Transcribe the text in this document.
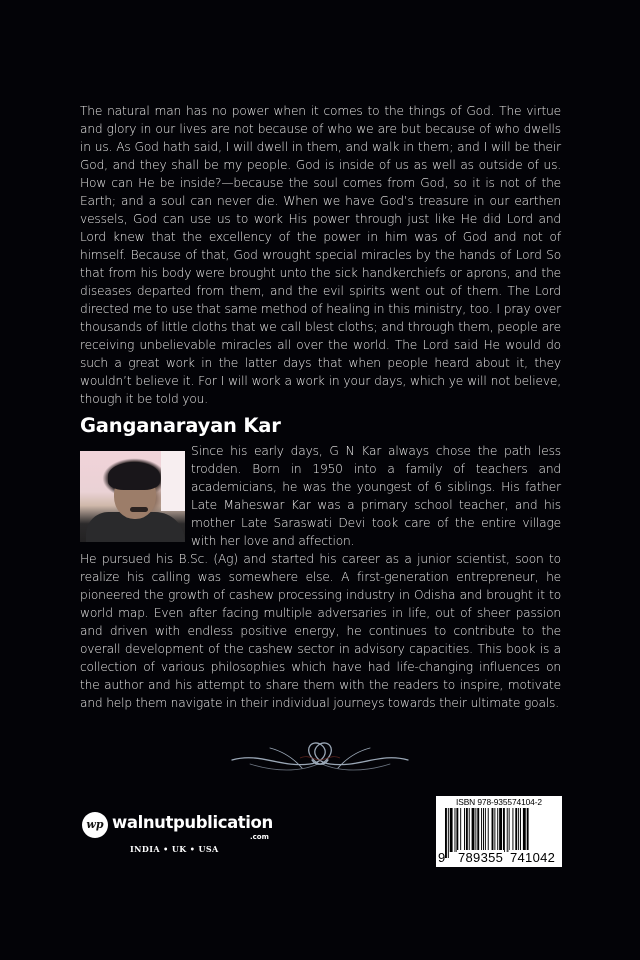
The natural man has no power when it comes to the things of God. The virtue and glory in our lives are not because of who we are but because of who dwells in us. As God hath said, I will dwell in them, and walk in them; and I will be their God, and they shall be my people. God is inside of us as well as outside of us. How can He be inside?—because the soul comes from God, so it is not of the Earth; and a soul can never die. When we have God’s treasure in our earthen vessels, God can use us to work His power through just like He did Lord and Lord knew that the excellency of the power in him was of God and not of himself. Because of that, God wrought special miracles by the hands of Lord So that from his body were brought unto the sick handkerchiefs or aprons, and the diseases departed from them, and the evil spirits went out of them. The Lord directed me to use that same method of healing in this ministry, too. I pray over thousands of little cloths that we call blest cloths; and through them, people are receiving unbelievable miracles all over the world. The Lord said He would do such a great work in the latter days that when people heard about it, they wouldn’t believe it. For I will work a work in your days, which ye will not believe, though it be told you.

Ganganarayan Kar

Since his early days, G N Kar always chose the path less trodden. Born in 1950 into a family of teachers and academicians, he was the youngest of 6 siblings. His father Late Maheswar Kar was a primary school teacher, and his mother Late Saraswati Devi took care of the entire village with her love and affection.

He pursued his B.Sc. (Ag) and started his career as a junior scientist, soon to realize his calling was somewhere else. A first-generation entrepreneur, he pioneered the growth of cashew processing industry in Odisha and brought it to world map. Even after facing multiple adversaries in life, out of sheer passion and driven with endless positive energy, he continues to contribute to the overall development of the cashew sector in advisory capacities. This book is a collection of various philosophies which have had life-changing influences on the author and his attempt to share them with the readers to inspire, motivate and help them navigate in their individual journeys towards their ultimate goals.

wp walnutpublication
.com
INDIA • UK • USA
ISBN 978-935574104-2
9 789355 741042
